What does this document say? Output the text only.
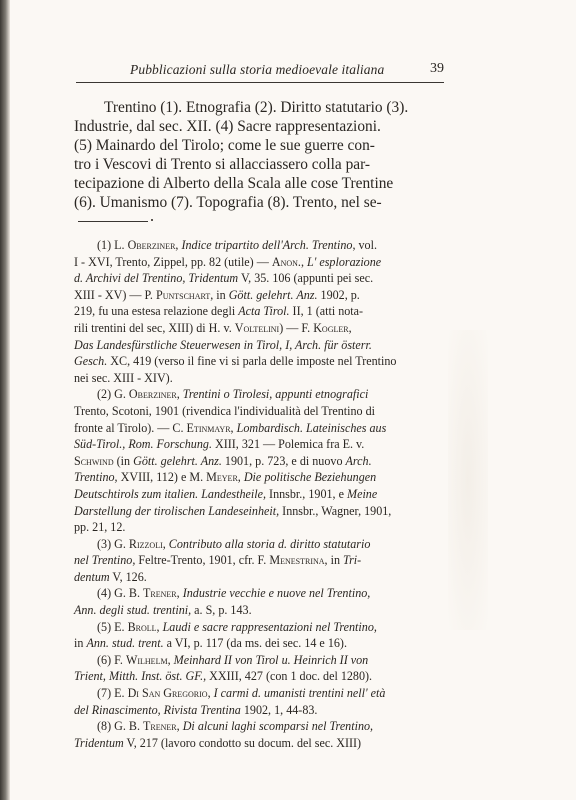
Pubblicazioni sulla storia medioevale italiana	39
Trentino (1). Etnografia (2). Diritto statutario (3).
Industrie, dal sec. XII. (4) Sacre rappresentazioni.
(5) Mainardo del Tirolo; come le sue guerre con-
tro i Vescovi di Trento si allacciassero colla par-
tecipazione di Alberto della Scala alle cose Trentine
(6). Umanismo (7). Topografia (8). Trento, nel se-
(1) L. Oberziner, Indice tripartito dell'Arch. Trentino, vol.
I - XVI, Trento, Zippel, pp. 82 (utile) — Anon., L' esplorazione
d. Archivi del Trentino, Tridentum V, 35. 106 (appunti pei sec.
XIII - XV) — P. Puntschart, in Gött. gelehrt. Anz. 1902, p.
219, fu una estesa relazione degli Acta Tirol. II, 1 (atti nota-
rili trentini del sec, XIII) di H. v. Voltelini) — F. Kogler,
Das Landesfürstliche Steuerwesen in Tirol, I, Arch. für österr.
Gesch. XC, 419 (verso il fine vi si parla delle imposte nel Trentino
nei sec. XIII - XIV).
(2) G. Oberziner, Trentini o Tirolesi, appunti etnografici
Trento, Scotoni, 1901 (rivendica l'individualità del Trentino di
fronte al Tirolo). — C. Etinmayr, Lombardisch. Lateinisches aus
Süd-Tirol., Rom. Forschung. XIII, 321 — Polemica fra E. v.
Schwind (in Gött. gelehrt. Anz. 1901, p. 723, e di nuovo Arch.
Trentino, XVIII, 112) e M. Meyer, Die politische Beziehungen
Deutschtirols zum italien. Landestheile, Innsbr., 1901, e Meine
Darstellung der tirolischen Landeseinheit, Innsbr., Wagner, 1901,
pp. 21, 12.
(3) G. Rizzoli, Contributo alla storia d. diritto statutario
nel Trentino, Feltre-Trento, 1901, cfr. F. Menestrina, in Tri-
dentum V, 126.
(4) G. B. Trener, Industrie vecchie e nuove nel Trentino,
Ann. degli stud. trentini, a. S, p. 143.
(5) E. Broll, Laudi e sacre rappresentazioni nel Trentino,
in Ann. stud. trent. a VI, p. 117 (da ms. dei sec. 14 e 16).
(6) F. Wilhelm, Meinhard II von Tirol u. Heinrich II von
Trient, Mitth. Inst. öst. GF., XXIII, 427 (con 1 doc. del 1280).
(7) E. Di San Gregorio, I carmi d. umanisti trentini nell' età
del Rinascimento, Rivista Trentina 1902, 1, 44-83.
(8) G. B. Trener, Di alcuni laghi scomparsi nel Trentino,
Tridentum V, 217 (lavoro condotto su docum. del sec. XIII)
